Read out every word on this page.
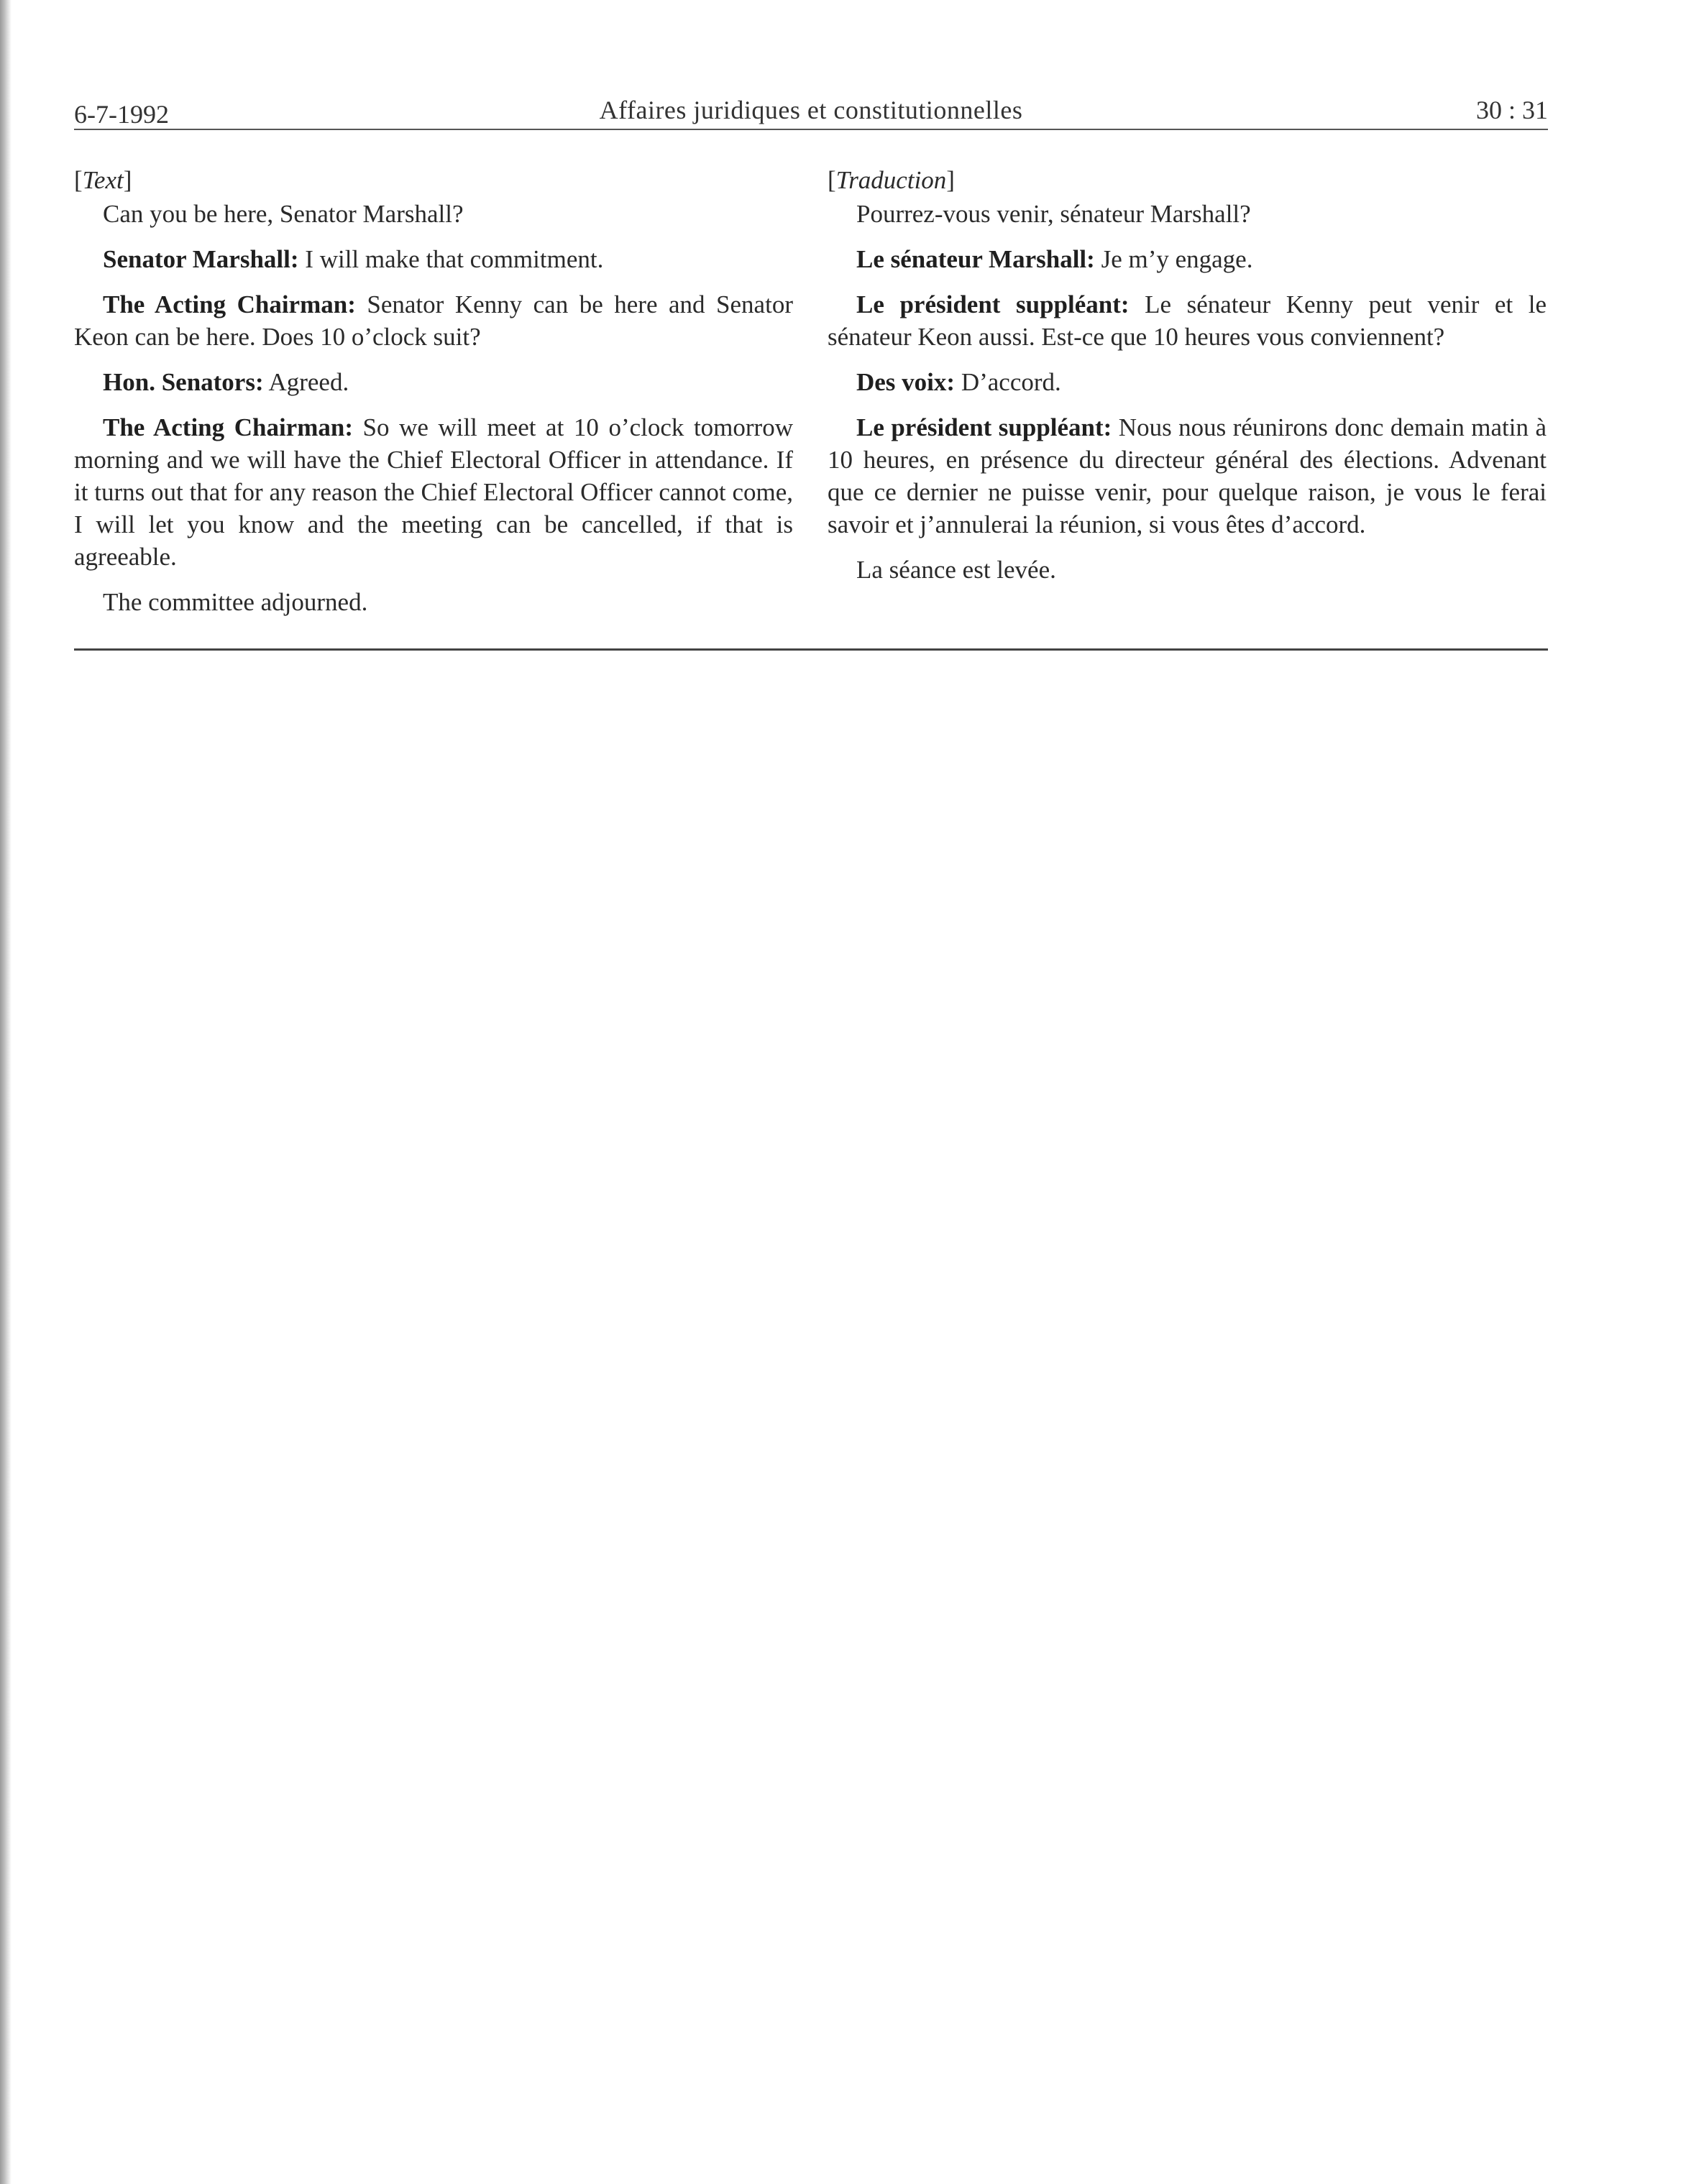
6-7-1992	Affaires juridiques et constitutionnelles	30 : 31

[Text]

Can you be here, Senator Marshall?

Senator Marshall: I will make that commitment.

The Acting Chairman: Senator Kenny can be here and Senator Keon can be here. Does 10 o’clock suit?

Hon. Senators: Agreed.

The Acting Chairman: So we will meet at 10 o’clock tomorrow morning and we will have the Chief Electoral Officer in attendance. If it turns out that for any reason the Chief Electoral Officer cannot come, I will let you know and the meeting can be cancelled, if that is agreeable.

The committee adjourned.

[Traduction]

Pourrez-vous venir, sénateur Marshall?

Le sénateur Marshall: Je m’y engage.

Le président suppléant: Le sénateur Kenny peut venir et le sénateur Keon aussi. Est-ce que 10 heures vous conviennent?

Des voix: D’accord.

Le président suppléant: Nous nous réunirons donc demain matin à 10 heures, en présence du directeur général des élections. Advenant que ce dernier ne puisse venir, pour quelque raison, je vous le ferai savoir et j’annulerai la réunion, si vous êtes d’accord.

La séance est levée.
